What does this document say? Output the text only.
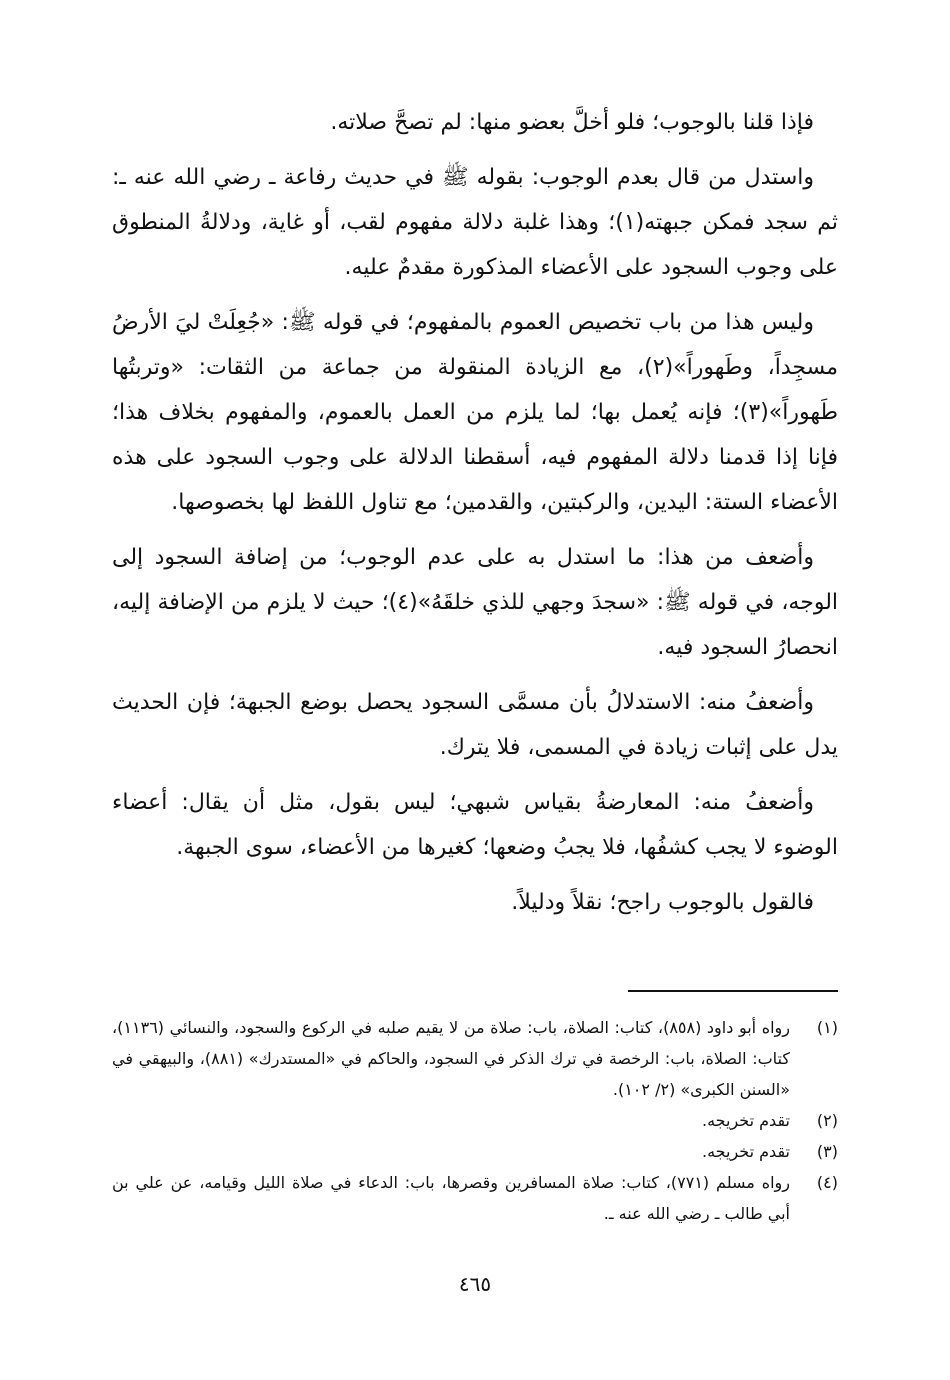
فإذا قلنا بالوجوب؛ فلو أخلَّ بعضو منها: لم تصحَّ صلاته.

واستدل من قال بعدم الوجوب: بقوله ﷺ في حديث رفاعة ـ رضي الله عنه ـ: ثم سجد فمكن جبهته(١)؛ وهذا غلبة دلالة مفهوم لقب، أو غاية، ودلالةُ المنطوق على وجوب السجود على الأعضاء المذكورة مقدمٌ عليه.

وليس هذا من باب تخصيص العموم بالمفهوم؛ في قوله ﷺ: «جُعِلَتْ ليَ الأرضُ مسجِداً، وطَهوراً»(٢)، مع الزيادة المنقولة من جماعة من الثقات: «وتربتُها طَهوراً»(٣)؛ فإنه يُعمل بها؛ لما يلزم من العمل بالعموم، والمفهوم بخلاف هذا؛ فإنا إذا قدمنا دلالة المفهوم فيه، أسقطنا الدلالة على وجوب السجود على هذه الأعضاء الستة: اليدين، والركبتين، والقدمين؛ مع تناول اللفظ لها بخصوصها.

وأضعف من هذا: ما استدل به على عدم الوجوب؛ من إضافة السجود إلى الوجه، في قوله ﷺ: «سجدَ وجهي للذي خلقَهُ»(٤)؛ حيث لا يلزم من الإضافة إليه، انحصارُ السجود فيه.

وأضعفُ منه: الاستدلالُ بأن مسمَّى السجود يحصل بوضع الجبهة؛ فإن الحديث يدل على إثبات زيادة في المسمى، فلا يترك.

وأضعفُ منه: المعارضةُ بقياس شبهي؛ ليس بقول، مثل أن يقال: أعضاء الوضوء لا يجب كشفُها، فلا يجبُ وضعها؛ كغيرها من الأعضاء، سوى الجبهة.

فالقول بالوجوب راجح؛ نقلاً ودليلاً.

(١)
رواه أبو داود (٨٥٨)، كتاب: الصلاة، باب: صلاة من لا يقيم صلبه في الركوع والسجود، والنسائي (١١٣٦)، كتاب: الصلاة، باب: الرخصة في ترك الذكر في السجود، والحاكم في «المستدرك» (٨٨١)، والبيهقي في «السنن الكبرى» (٢/ ١٠٢).
(٢)
تقدم تخريجه.
(٣)
تقدم تخريجه.
(٤)
رواه مسلم (٧٧١)، كتاب: صلاة المسافرين وقصرها، باب: الدعاء في صلاة الليل وقيامه، عن علي بن أبي طالب ـ رضي الله عنه ـ.
٤٦٥
